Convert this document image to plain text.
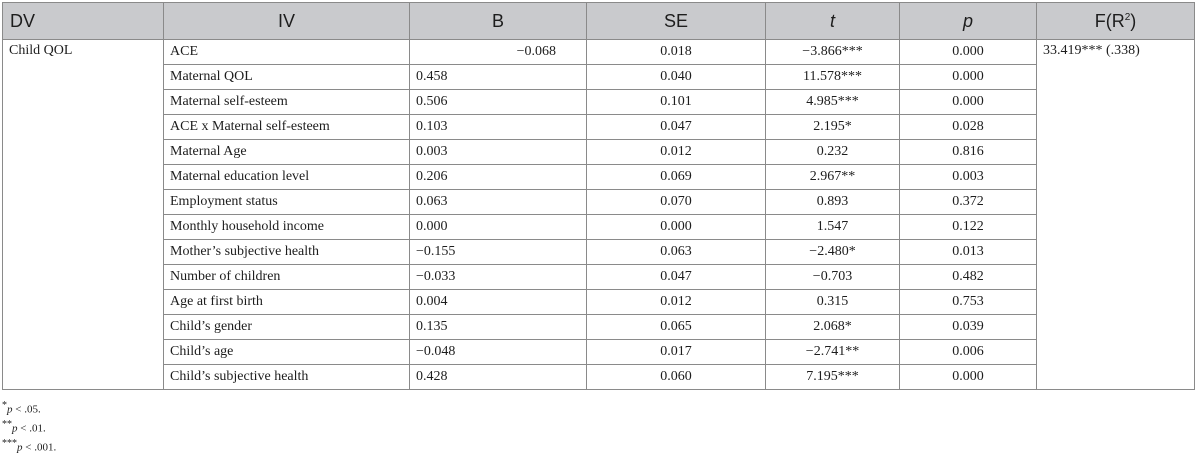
DV	IV	B	SE	t	p	$F(R^2)$
Child QOL	ACE	−0.068	0.018	−3.866***	0.000	33.419*** (.338)
	Maternal QOL	0.458	0.040	11.578***	0.000	
	Maternal self-esteem	0.506	0.101	4.985***	0.000	
	ACE x Maternal self-esteem	0.103	0.047	2.195*	0.028	
	Maternal Age	0.003	0.012	0.232	0.816	
	Maternal education level	0.206	0.069	2.967**	0.003	
	Employment status	0.063	0.070	0.893	0.372	
	Monthly household income	0.000	0.000	1.547	0.122	
	Mother’s subjective health	−0.155	0.063	−2.480*	0.013	
	Number of children	−0.033	0.047	−0.703	0.482	
	Age at first birth	0.004	0.012	0.315	0.753	
	Child’s gender	0.135	0.065	2.068*	0.039	
	Child’s age	−0.048	0.017	−2.741**	0.006	
	Child’s subjective health	0.428	0.060	7.195***	0.000	
*p < .05.
**p < .01.
***p < .001.
